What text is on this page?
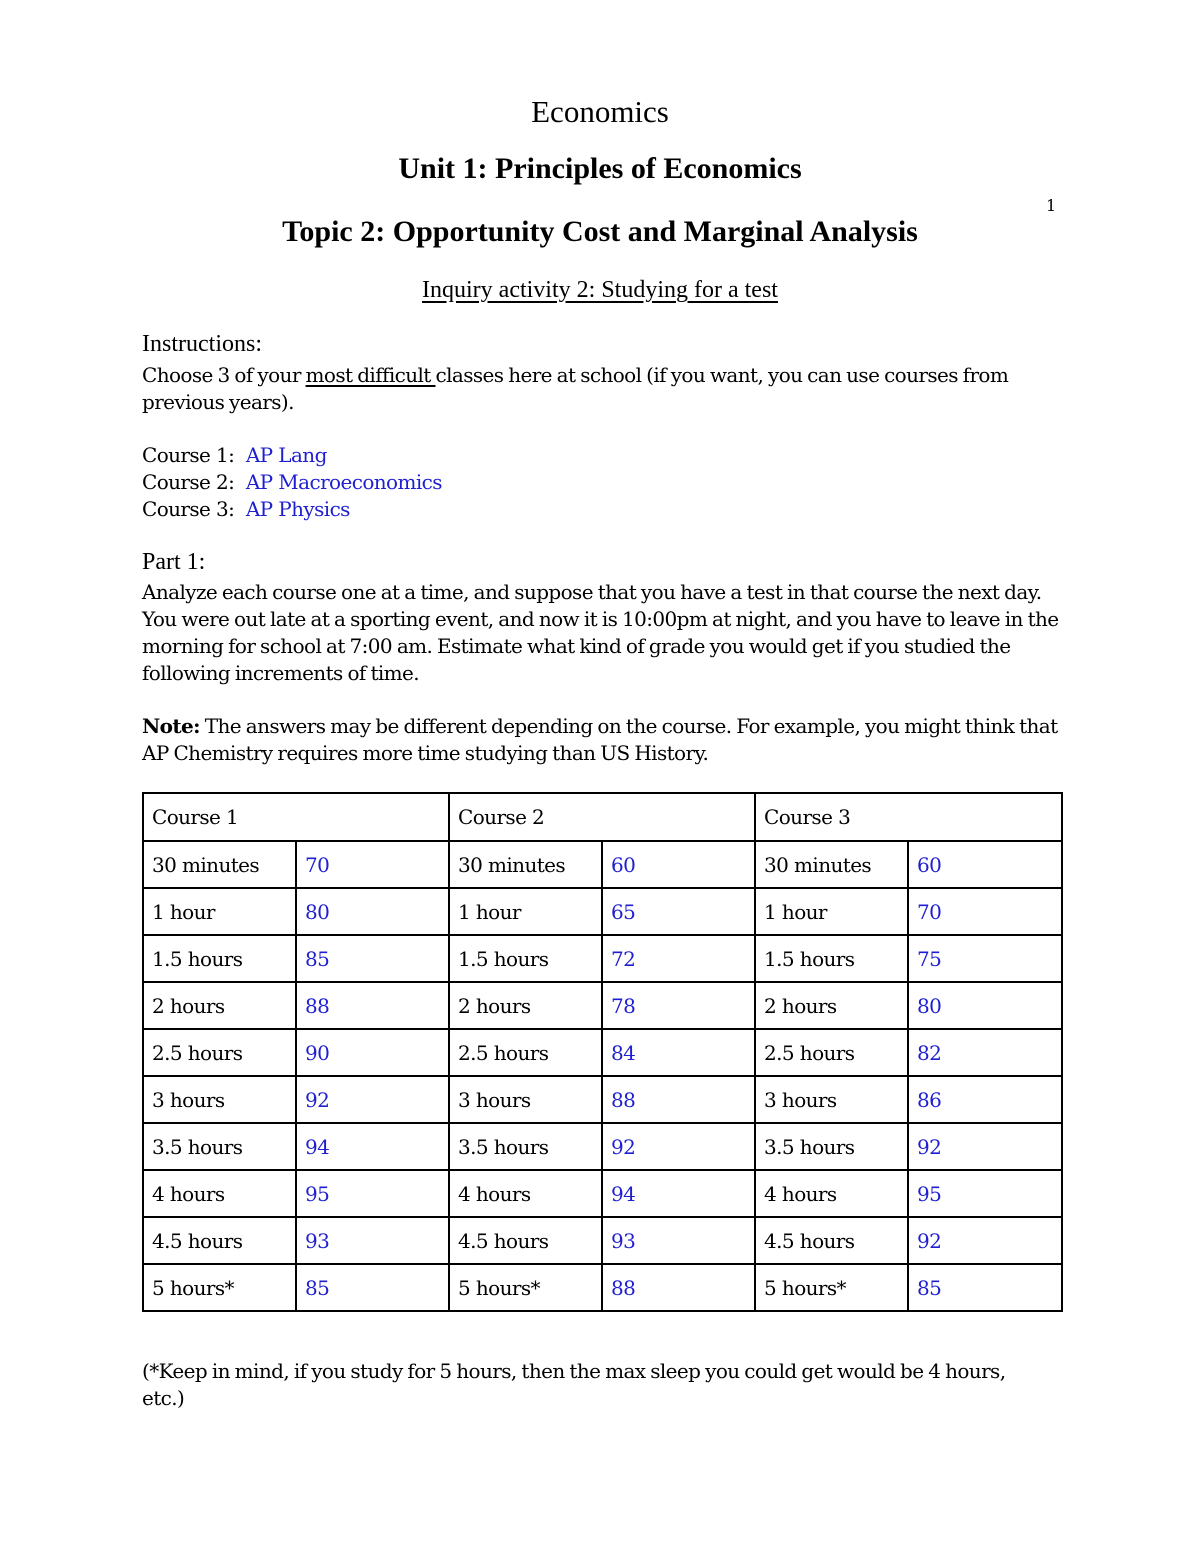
1
Economics
Unit 1: Principles of Economics
Topic 2: Opportunity Cost and Marginal Analysis
Inquiry activity 2: Studying for a test
Instructions:
Choose 3 of your most difficult classes here at school (if you want, you can use courses from previous years).
Course 1: AP Lang
Course 2: AP Macroeconomics
Course 3: AP Physics
Part 1:
Analyze each course one at a time, and suppose that you have a test in that course the next day. You were out late at a sporting event, and now it is 10:00pm at night, and you have to leave in the morning for school at 7:00 am. Estimate what kind of grade you would get if you studied the following increments of time.
Note: The answers may be different depending on the course. For example, you might think that AP Chemistry requires more time studying than US History.
Course 1		Course 2		Course 3	
30 minutes	70	30 minutes	60	30 minutes	60
1 hour	80	1 hour	65	1 hour	70
1.5 hours	85	1.5 hours	72	1.5 hours	75
2 hours	88	2 hours	78	2 hours	80
2.5 hours	90	2.5 hours	84	2.5 hours	82
3 hours	92	3 hours	88	3 hours	86
3.5 hours	94	3.5 hours	92	3.5 hours	92
4 hours	95	4 hours	94	4 hours	95
4.5 hours	93	4.5 hours	93	4.5 hours	92
5 hours*	85	5 hours*	88	5 hours*	85
(*Keep in mind, if you study for 5 hours, then the max sleep you could get would be 4 hours, etc.)
